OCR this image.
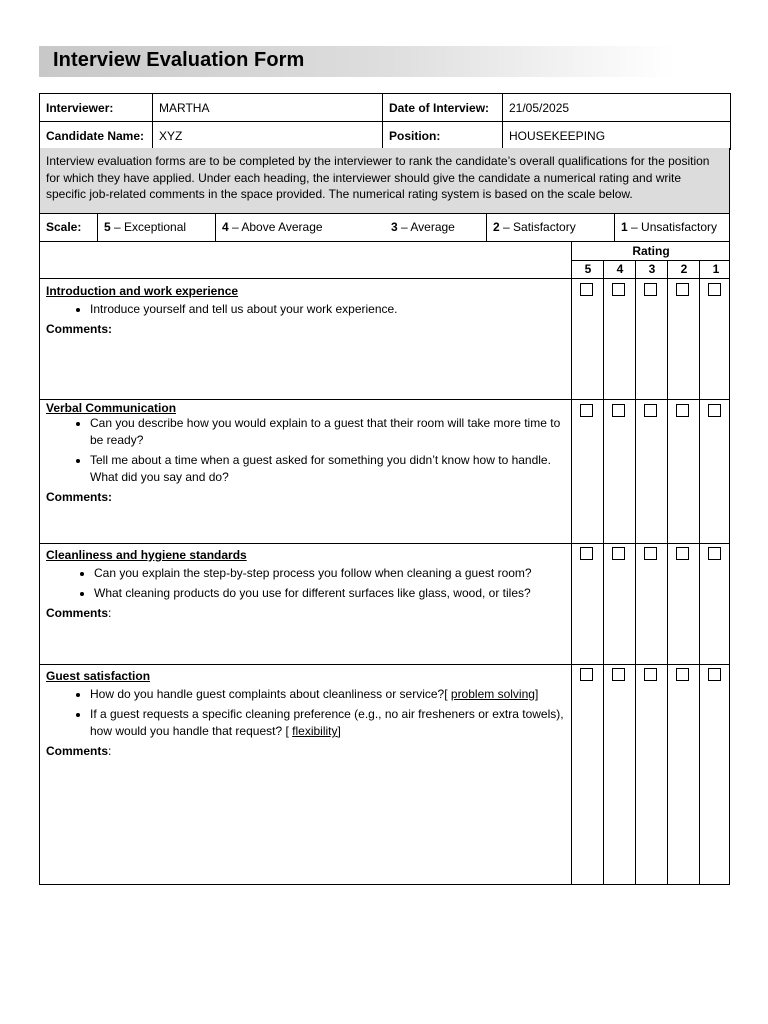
Interview Evaluation Form
Interviewer:	MARTHA	Date of Interview:	21/05/2025
Candidate Name:	XYZ	Position:	HOUSEKEEPING
Interview evaluation forms are to be completed by the interviewer to rank the candidate’s overall qualifications for the position for which they have applied. Under each heading, the interviewer should give the candidate a numerical rating and write specific job-related comments in the space provided. The numerical rating system is based on the scale below.
Scale:	5 – Exceptional	4 – Above Average	3 – Average	2 – Satisfactory	1 – Unsatisfactory
Rating
5	4	3	2	1
Introduction and work experience
• Introduce yourself and tell us about your work experience.
Comments:
Verbal Communication
• Can you describe how you would explain to a guest that their room will take more time to be ready?
• Tell me about a time when a guest asked for something you didn’t know how to handle. What did you say and do?
Comments:
Cleanliness and hygiene standards
• Can you explain the step-by-step process you follow when cleaning a guest room?
• What cleaning products do you use for different surfaces like glass, wood, or tiles?
Comments:
Guest satisfaction
• How do you handle guest complaints about cleanliness or service?[ problem solving]
• If a guest requests a specific cleaning preference (e.g., no air fresheners or extra towels), how would you handle that request? [ flexibility]
Comments:
